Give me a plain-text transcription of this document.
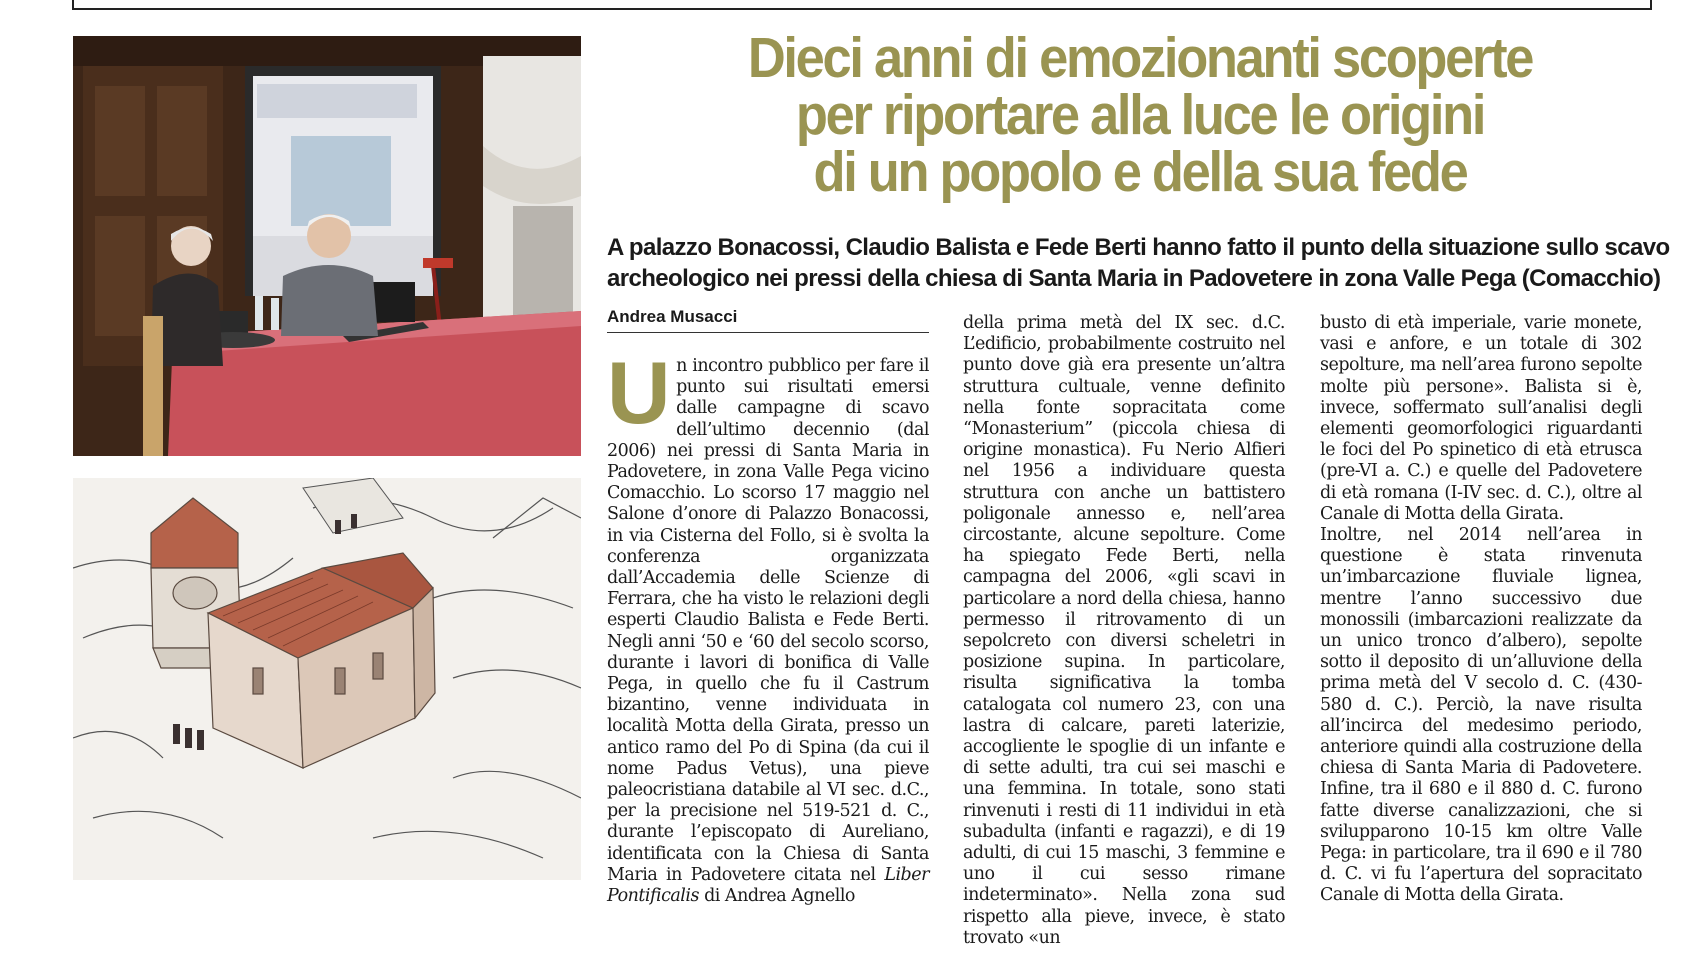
Dieci anni di emozionanti scoperte
per riportare alla luce le origini
di un popolo e della sua fede
A palazzo Bonacossi, Claudio Balista e Fede Berti hanno fatto il punto della situazione sullo scavo
archeologico nei pressi della chiesa di Santa Maria in Padovetere in zona Valle Pega (Comacchio)

Andrea Musacci

Un incontro pubblico per fare il punto sui risultati emersi dalle campagne di scavo dell’ultimo decennio (dal 2006) nei pressi di Santa Maria in Padovetere, in zona Valle Pega vicino Comacchio. Lo scorso 17 maggio nel Salone d’onore di Palazzo Bonacossi, in via Cisterna del Follo, si è svolta la conferenza organizzata dall’Accademia delle Scienze di Ferrara, che ha visto le relazioni degli esperti Claudio Balista e Fede Berti. Negli anni ‘50 e ‘60 del secolo scorso, durante i lavori di bonifica di Valle Pega, in quello che fu il Castrum bizantino, venne individuata in località Motta della Girata, presso un antico ramo del Po di Spina (da cui il nome Padus Vetus), una pieve paleocristiana databile al VI sec. d.C., per la precisione nel 519-521 d. C., durante l’episcopato di Aureliano, identificata con la Chiesa di Santa Maria in Padovetere citata nel Liber Pontificalis di Andrea Agnello

della prima metà del IX sec. d.C. L’edificio, probabilmente costruito nel punto dove già era presente un’altra struttura cultuale, venne definito nella fonte sopracitata come “Monasterium” (piccola chiesa di origine monastica). Fu Nerio Alfieri nel 1956 a individuare questa struttura con anche un battistero poligonale annesso e, nell’area circostante, alcune sepolture. Come ha spiegato Fede Berti, nella campagna del 2006, «gli scavi in particolare a nord della chiesa, hanno permesso il ritrovamento di un sepolcreto con diversi scheletri in posizione supina. In particolare, risulta significativa la tomba catalogata col numero 23, con una lastra di calcare, pareti laterizie, accogliente le spoglie di un infante e di sette adulti, tra cui sei maschi e una femmina. In totale, sono stati rinvenuti i resti di 11 individui in età subadulta (infanti e ragazzi), e di 19 adulti, di cui 15 maschi, 3 femmine e uno il cui sesso rimane indeterminato». Nella zona sud rispetto alla pieve, invece, è stato trovato «un

busto di età imperiale, varie monete, vasi e anfore, e un totale di 302 sepolture, ma nell’area furono sepolte molte più persone». Balista si è, invece, soffermato sull’analisi degli elementi geomorfologici riguardanti le foci del Po spinetico di età etrusca (pre-VI a. C.) e quelle del Padovetere di età romana (I-IV sec. d. C.), oltre al Canale di Motta della Girata.

Inoltre, nel 2014 nell’area in questione è stata rinvenuta un’imbarcazione fluviale lignea, mentre l’anno successivo due monossili (imbarcazioni realizzate da un unico tronco d’albero), sepolte sotto il deposito di un’alluvione della prima metà del V secolo d. C. (430-580 d. C.). Perciò, la nave risulta all’incirca del medesimo periodo, anteriore quindi alla costruzione della chiesa di Santa Maria di Padovetere. Infine, tra il 680 e il 880 d. C. furono fatte diverse canalizzazioni, che si svilupparono 10-15 km oltre Valle Pega: in particolare, tra il 690 e il 780 d. C. vi fu l’apertura del sopracitato Canale di Motta della Girata.
